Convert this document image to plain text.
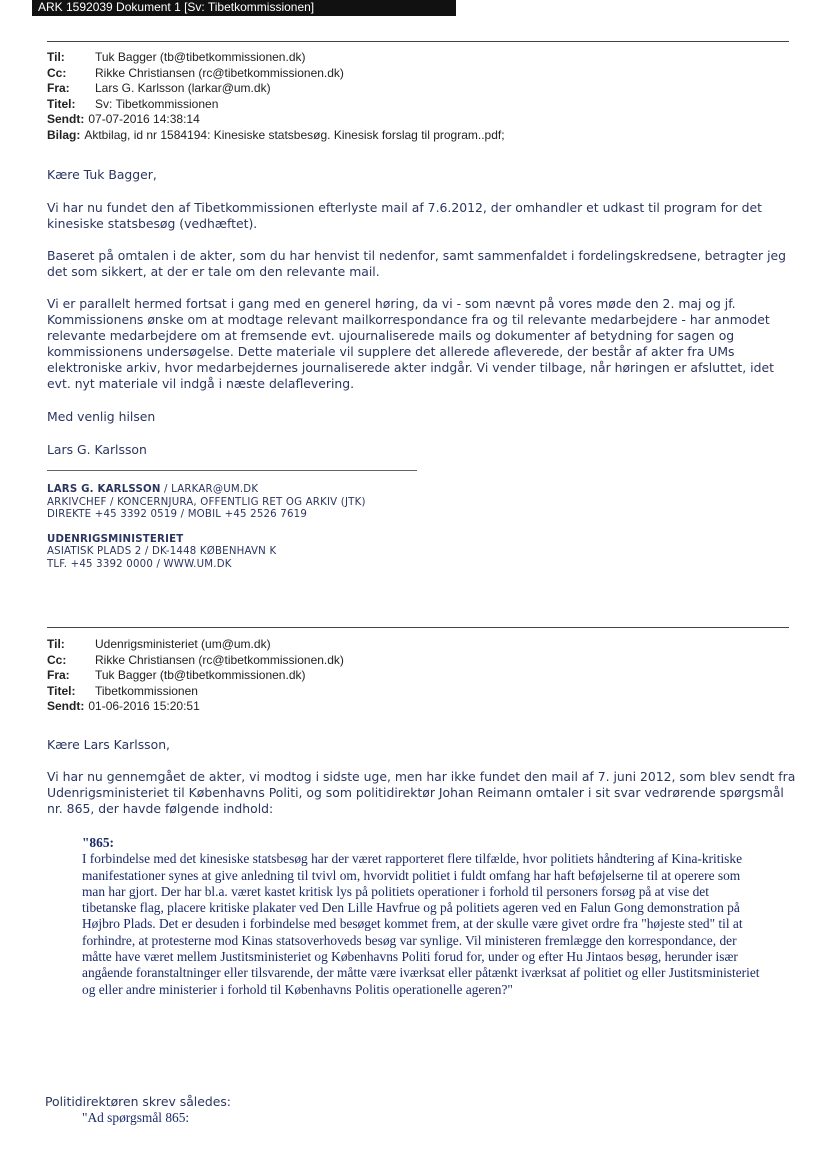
ARK 1592039 Dokument 1 [Sv: Tibetkommissionen]
Til:	Tuk Bagger (tb@tibetkommissionen.dk)
Cc: Rikke Christiansen (rc@tibetkommissionen.dk)
Fra: Lars G. Karlsson (larkar@um.dk)
Titel: Sv: Tibetkommissionen
Sendt: 07-07-2016 14:38:14
Bilag: Aktbilag, id nr 1584194: Kinesiske statsbesøg. Kinesisk forslag til program..pdf;

Kære Tuk Bagger,

Vi har nu fundet den af Tibetkommissionen efterlyste mail af 7.6.2012, der omhandler et udkast til program for det kinesiske statsbesøg (vedhæftet).

Baseret på omtalen i de akter, som du har henvist til nedenfor, samt sammenfaldet i fordelingskredsene, betragter jeg det som sikkert, at der er tale om den relevante mail.

Vi er parallelt hermed fortsat i gang med en generel høring, da vi - som nævnt på vores møde den 2. maj og jf. Kommissionens ønske om at modtage relevant mailkorrespondance fra og til relevante medarbejdere - har anmodet relevante medarbejdere om at fremsende evt. ujournaliserede mails og dokumenter af betydning for sagen og kommissionens undersøgelse. Dette materiale vil supplere det allerede afleverede, der består af akter fra UMs elektroniske arkiv, hvor medarbejdernes journaliserede akter indgår. Vi vender tilbage, når høringen er afsluttet, idet evt. nyt materiale vil indgå i næste delaflevering.

Med venlig hilsen

Lars G. Karlsson

LARS G. KARLSSON / LARKAR@UM.DK
ARKIVCHEF / KONCERNJURA, OFFENTLIG RET OG ARKIV (JTK)
DIREKTE +45 3392 0519 / MOBIL +45 2526 7619
UDENRIGSMINISTERIET
ASIATISK PLADS 2 / DK-1448 KØBENHAVN K
TLF. +45 3392 0000 / WWW.UM.DK
Til:	Udenrigsministeriet (um@um.dk)
Cc: Rikke Christiansen (rc@tibetkommissionen.dk)
Fra: Tuk Bagger (tb@tibetkommissionen.dk)
Titel: Tibetkommissionen
Sendt: 01-06-2016 15:20:51

Kære Lars Karlsson,

Vi har nu gennemgået de akter, vi modtog i sidste uge, men har ikke fundet den mail af 7. juni 2012, som blev sendt fra Udenrigsministeriet til Københavns Politi, og som politidirektør Johan Reimann omtaler i sit svar vedrørende spørgsmål nr. 865, der havde følgende indhold:

"865:
I forbindelse med det kinesiske statsbesøg har der været rapporteret flere tilfælde, hvor politiets håndtering af Kina-kritiske manifestationer synes at give anledning til tvivl om, hvorvidt politiet i fuldt omfang har haft beføjelserne til at operere som man har gjort. Der har bl.a. været kastet kritisk lys på politiets operationer i forhold til personers forsøg på at vise det tibetanske flag, placere kritiske plakater ved Den Lille Havfrue og på politiets ageren ved en Falun Gong demonstration på Højbro Plads. Det er desuden i forbindelse med besøget kommet frem, at der skulle være givet ordre fra "højeste sted" til at forhindre, at protesterne mod Kinas statsoverhoveds besøg var synlige. Vil ministeren fremlægge den korrespondance, der måtte have været mellem Justitsministeriet og Københavns Politi forud for, under og efter Hu Jintaos besøg, herunder især angående foranstaltninger eller tilsvarende, der måtte være iværksat eller påtænkt iværksat af politiet og eller Justitsministeriet og eller andre ministerier i forhold til Københavns Politis operationelle ageren?"

Politidirektøren skrev således:

"Ad spørgsmål 865:
